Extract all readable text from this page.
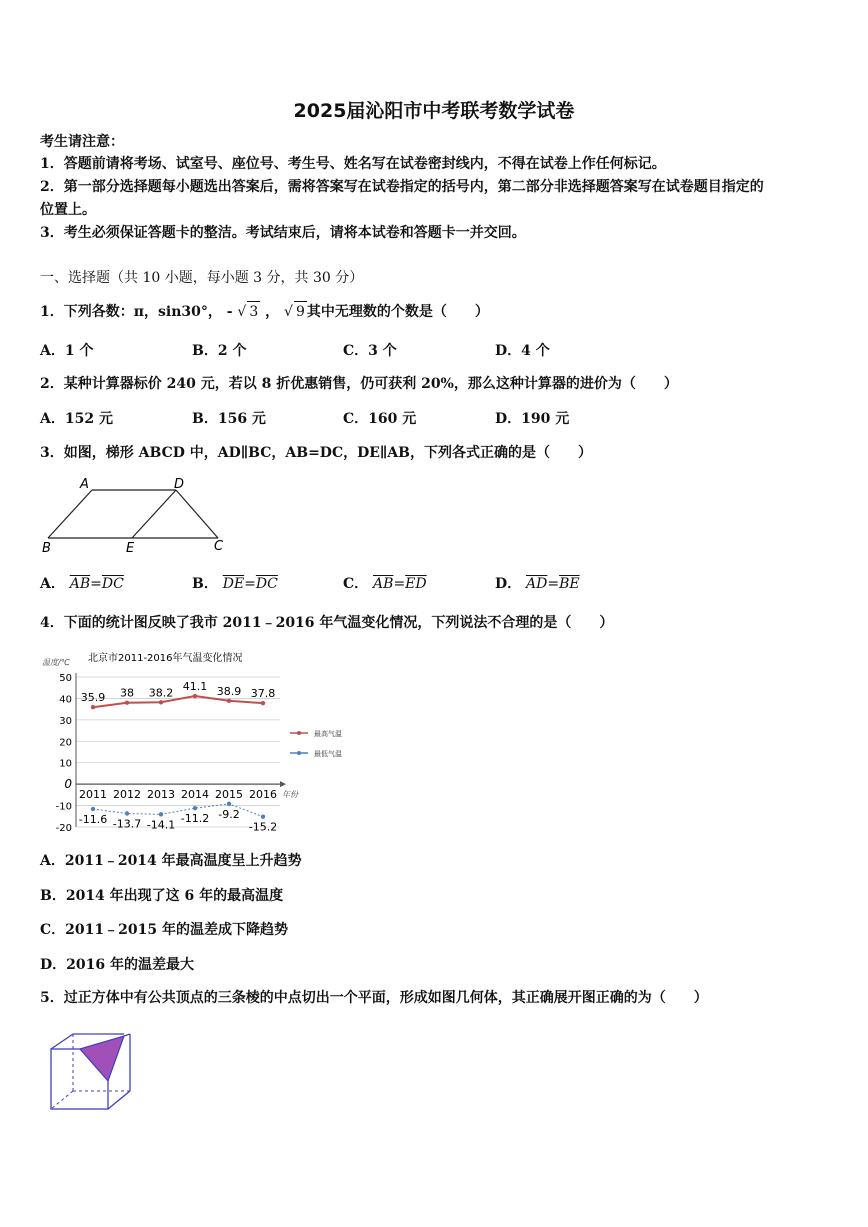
2025届沁阳市中考联考数学试卷
考生请注意：
1．答题前请将考场、试室号、座位号、考生号、姓名写在试卷密封线内，不得在试卷上作任何标记。
2．第一部分选择题每小题选出答案后，需将答案写在试卷指定的括号内，第二部分非选择题答案写在试卷题目指定的
位置上。
3．考生必须保证答题卡的整洁。考试结束后，请将本试卷和答题卡一并交回。
一、选择题（共 10 小题，每小题 3 分，共 30 分）
1．下列各数：π，sin30°， - √ 3 ， √ 9 其中无理数的个数是（　　）
A．1 个	B．2 个	C．3 个	D．4 个
2．某种计算器标价 240 元，若以 8 折优惠销售，仍可获利 20%，那么这种计算器的进价为（　　）
A．152 元	B．156 元	C．160 元	D．190 元
3．如图，梯形 ABCD 中，AD∥BC，AB=DC，DE∥AB，下列各式正确的是（　　）
A	D
B	E	C
A． $\overline{AB}=\overline{DC}$	B． $\overline{DE}=\overline{DC}$	C． $\overline{AB}=\overline{ED}$	D． $\overline{AD}=\overline{BE}$
4．下面的统计图反映了我市 2011﹣2016 年气温变化情况，下列说法不合理的是（　　）
北京市2011-2016年气温变化情况
温度/℃
年份
50
40
30
20
10
0
-10
-20
2011 2012 2013 2014 2015 2016
35.9 38 38.2 41.1 38.9 37.8
-11.6 -13.7 -14.1 -11.2 -9.2
-15.2
最高气温
最低气温
A．2011﹣2014 年最高温度呈上升趋势
B．2014 年出现了这 6 年的最高温度
C．2011﹣2015 年的温差成下降趋势
D．2016 年的温差最大
5．过正方体中有公共顶点的三条棱的中点切出一个平面，形成如图几何体，其正确展开图正确的为（　　）
